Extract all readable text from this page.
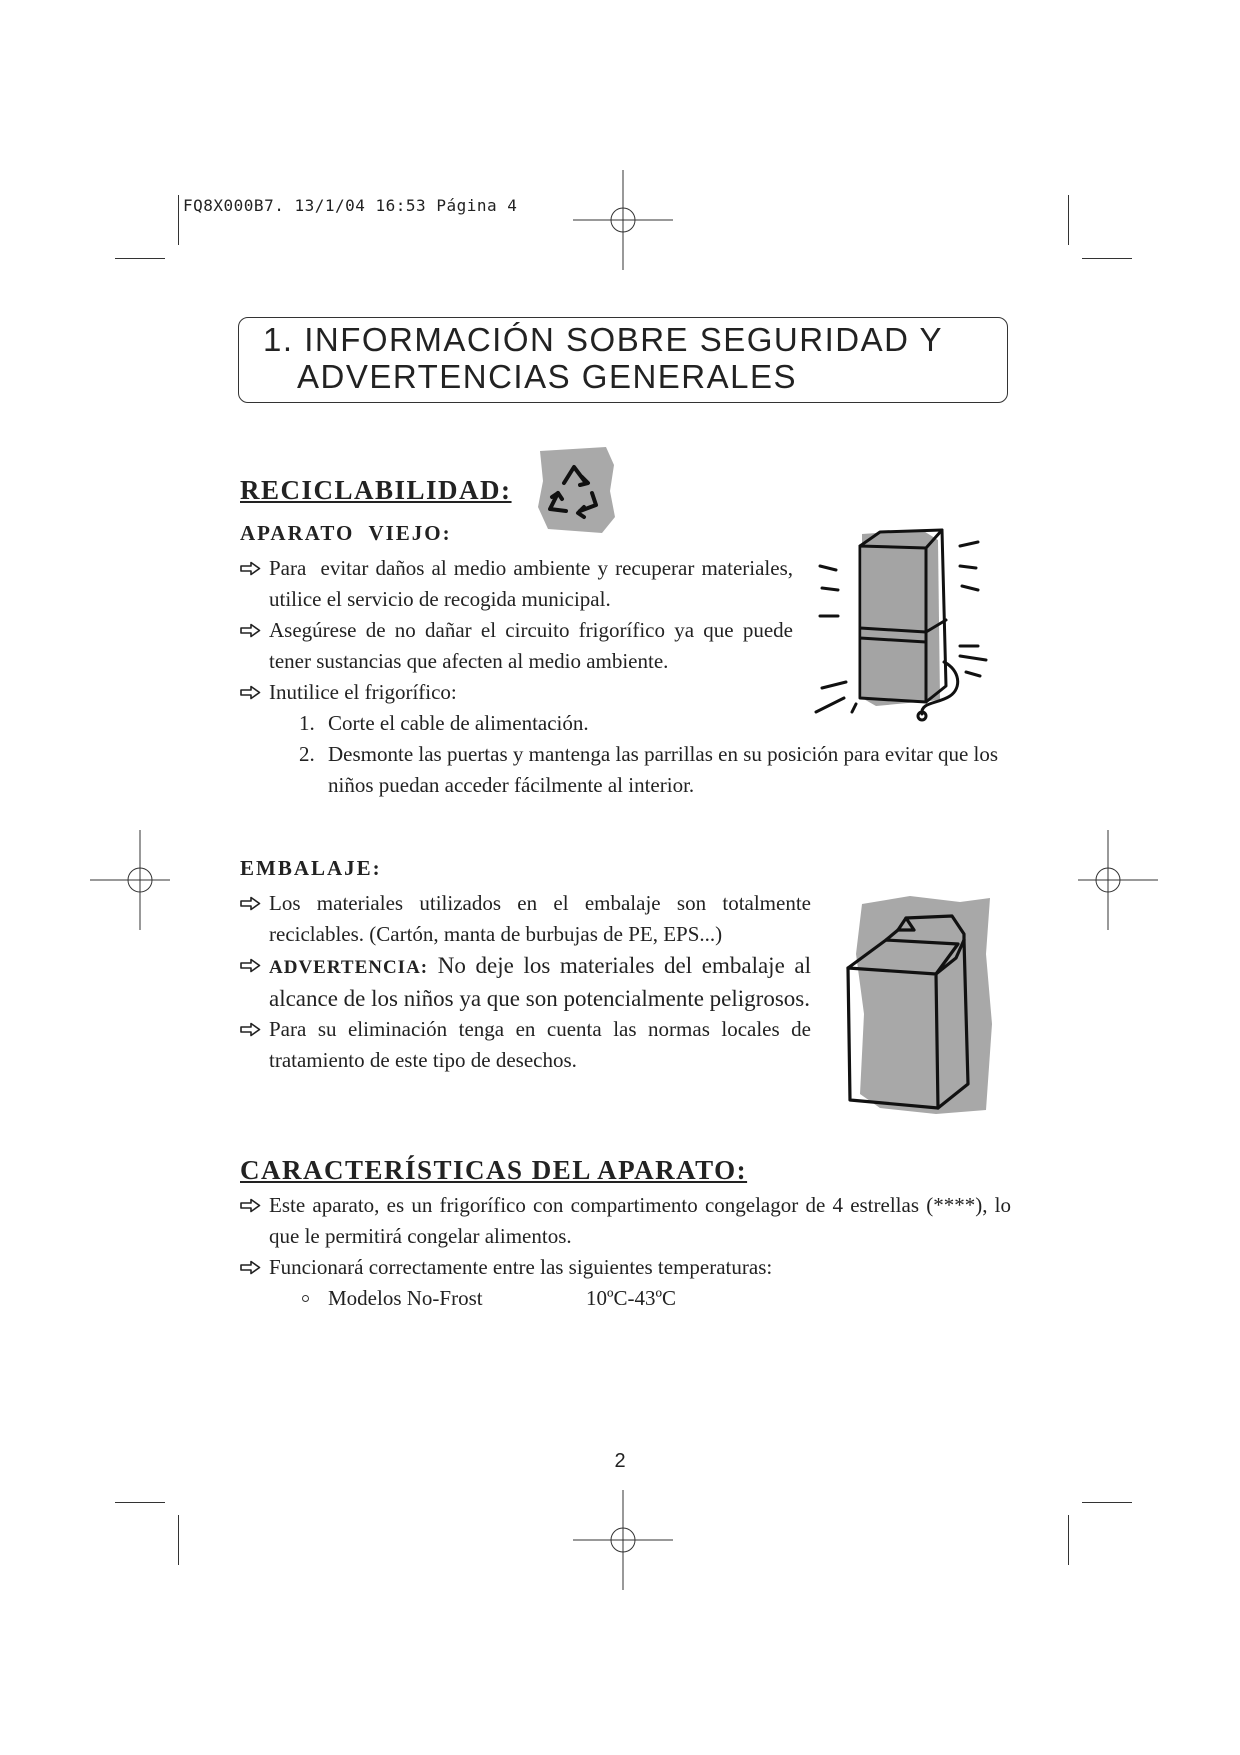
FQ8X000B7. 13/1/04 16:53 Página 4
1. INFORMACIÓN SOBRE SEGURIDAD Y
ADVERTENCIAS GENERALES
RECICLABILIDAD:
APARATO  VIEJO:
Para  evitar daños al medio ambiente y recuperar materiales, utilice el servicio de recogida municipal.
Asegúrese de no dañar el circuito frigorífico ya que puede tener sustancias que afecten al medio ambiente.
Inutilice el frigorífico:
1. Corte el cable de alimentación.
2. Desmonte las puertas y mantenga las parrillas en su posición para evitar que los niños puedan acceder fácilmente al interior.
EMBALAJE:
Los materiales utilizados en el embalaje son totalmente reciclables. (Cartón, manta de burbujas de PE, EPS...)
ADVERTENCIA: No deje los materiales del embalaje al alcance de los niños ya que son potencialmente peligrosos.
Para su eliminación tenga en cuenta las normas locales de tratamiento de este tipo de desechos.
CARACTERÍSTICAS DEL APARATO:
Este aparato, es un frigorífico con compartimento congelagor de 4 estrellas (****), lo que le permitirá congelar alimentos.
Funcionará correctamente entre las siguientes temperaturas:
Modelos No-Frost	10ºC-43ºC
2
